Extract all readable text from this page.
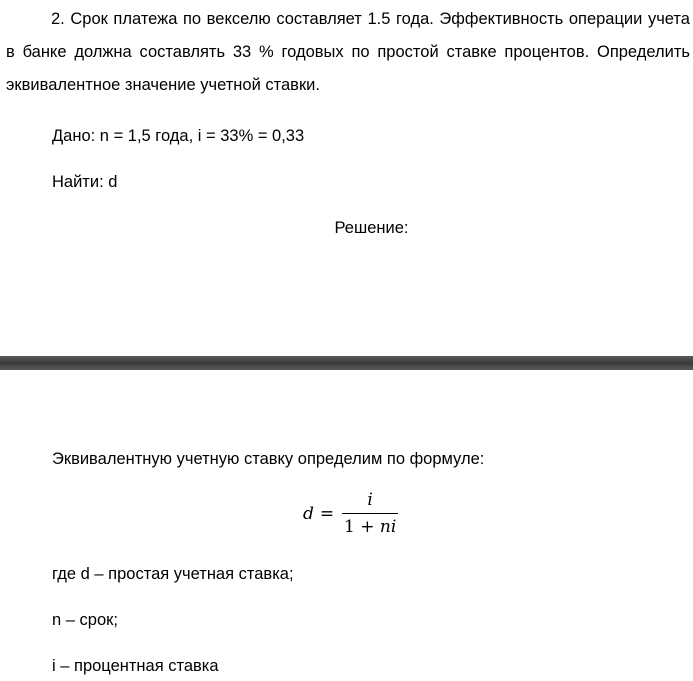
2. Срок платежа по векселю составляет 1.5 года. Эффективность операции учета в банке должна составлять 33 % годовых по простой ставке процентов. Определить эквивалентное значение учетной ставки.
Дано: n = 1,5 года, i = 33% = 0,33
Найти: d
Решение:
Эквивалентную учетную ставку определим по формуле:
$d = \frac{i}{1 + ni}$
где d – простая учетная ставка;
n – срок;
i – процентная ставка
